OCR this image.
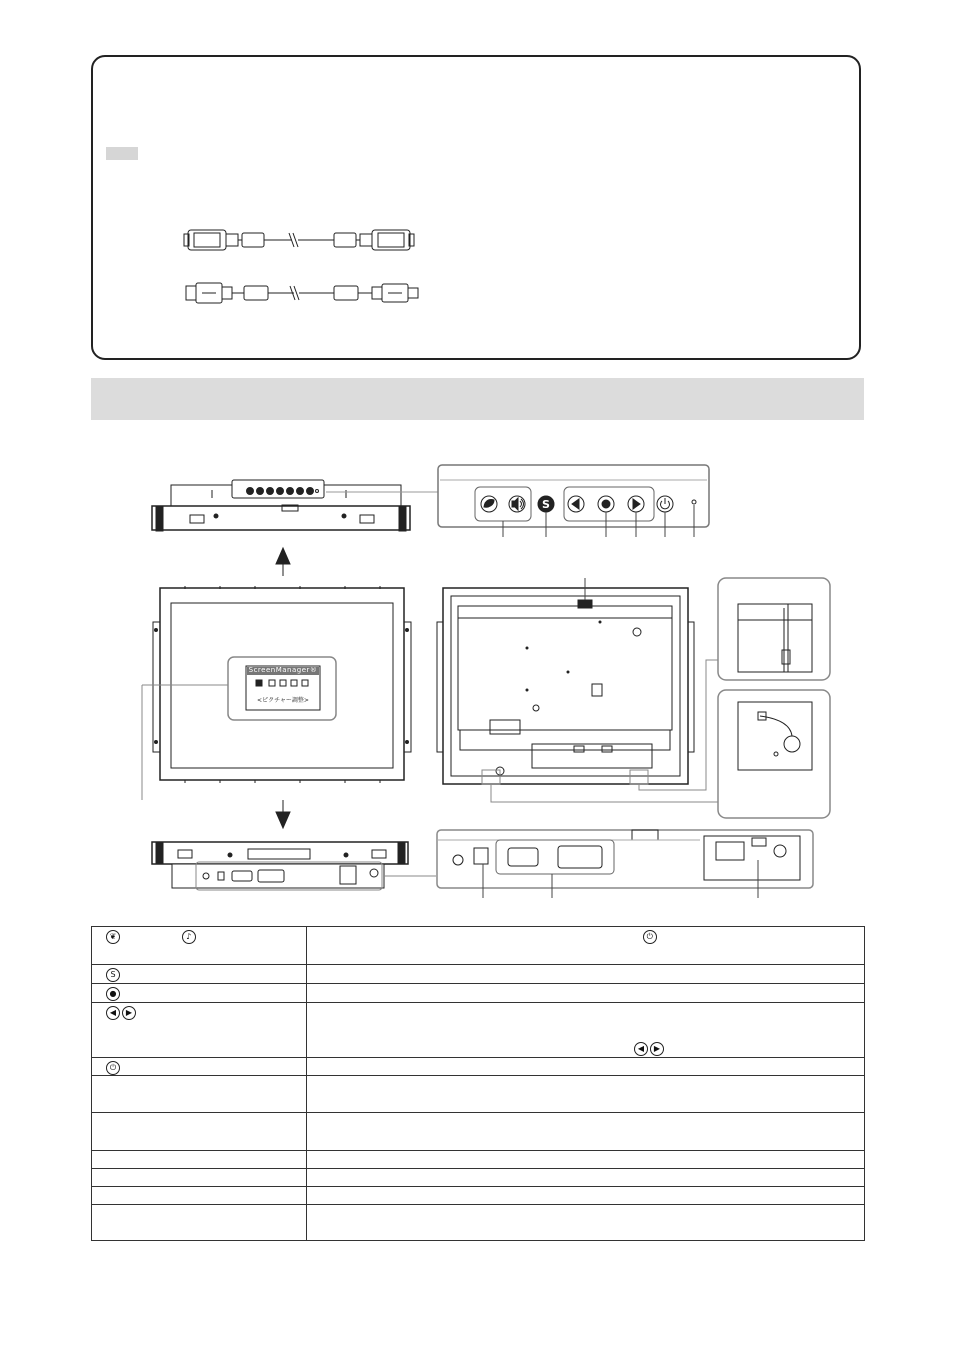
S
❦ ♪	⏻
S	
●	
◀ ▶	◀ ▶
⏻	

ScreenManager®
<ピクチャー調整>
